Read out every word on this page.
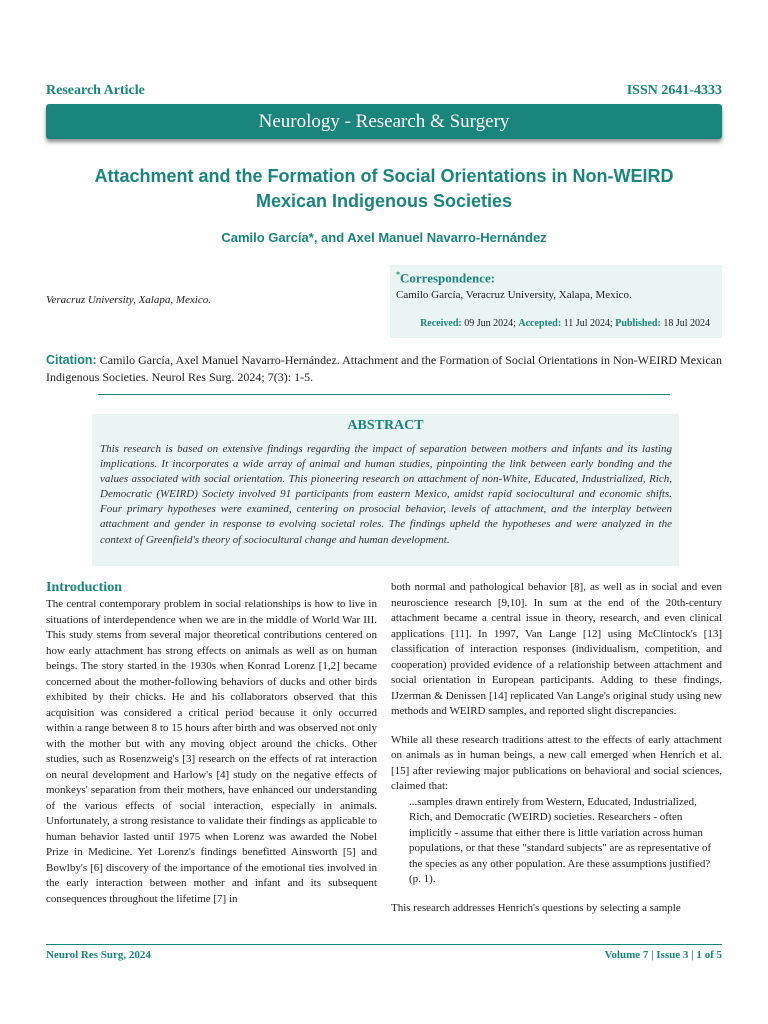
Research Article	ISSN 2641-4333
Neurology - Research & Surgery
Attachment and the Formation of Social Orientations in Non-WEIRD Mexican Indigenous Societies
Camilo García*, and Axel Manuel Navarro-Hernández
Veracruz University, Xalapa, Mexico.
*Correspondence:
Camilo García, Veracruz University, Xalapa, Mexico.
Received: 09 Jun 2024; Accepted: 11 Jul 2024; Published: 18 Jul 2024
Citation: Camilo García, Axel Manuel Navarro-Hernández. Attachment and the Formation of Social Orientations in Non-WEIRD Mexican Indigenous Societies. Neurol Res Surg. 2024; 7(3): 1-5.
ABSTRACT
This research is based on extensive findings regarding the impact of separation between mothers and infants and its lasting implications. It incorporates a wide array of animal and human studies, pinpointing the link between early bonding and the values associated with social orientation. This pioneering research on attachment of non-White, Educated, Industrialized, Rich, Democratic (WEIRD) Society involved 91 participants from eastern Mexico, amidst rapid sociocultural and economic shifts. Four primary hypotheses were examined, centering on prosocial behavior, levels of attachment, and the interplay between attachment and gender in response to evolving societal roles. The findings upheld the hypotheses and were analyzed in the context of Greenfield's theory of sociocultural change and human development.
Introduction

The central contemporary problem in social relationships is how to live in situations of interdependence when we are in the middle of World War III. This study stems from several major theoretical contributions centered on how early attachment has strong effects on animals as well as on human beings. The story started in the 1930s when Konrad Lorenz [1,2] became concerned about the mother-following behaviors of ducks and other birds exhibited by their chicks. He and his collaborators observed that this acquisition was considered a critical period because it only occurred within a range between 8 to 15 hours after birth and was observed not only with the mother but with any moving object around the chicks. Other studies, such as Rosenzweig's [3] research on the effects of rat interaction on neural development and Harlow's [4] study on the negative effects of monkeys' separation from their mothers, have enhanced our understanding of the various effects of social interaction, especially in animals. Unfortunately, a strong resistance to validate their findings as applicable to human behavior lasted until 1975 when Lorenz was awarded the Nobel Prize in Medicine. Yet Lorenz's findings benefitted Ainsworth [5] and Bowlby's [6] discovery of the importance of the emotional ties involved in the early interaction between mother and infant and its subsequent consequences throughout the lifetime [7] in

both normal and pathological behavior [8], as well as in social and even neuroscience research [9,10]. In sum at the end of the 20th-century attachment became a central issue in theory, research, and even clinical applications [11]. In 1997, Van Lange [12] using McClintock's [13] classification of interaction responses (individualism, competition, and cooperation) provided evidence of a relationship between attachment and social orientation in European participants. Adding to these findings, IJzerman & Denissen [14] replicated Van Lange's original study using new methods and WEIRD samples, and reported slight discrepancies.

While all these research traditions attest to the effects of early attachment on animals as in human beings, a new call emerged when Henrich et al. [15] after reviewing major publications on behavioral and social sciences, claimed that:

...samples drawn entirely from Western, Educated, Industrialized, Rich, and Democratic (WEIRD) societies. Researchers - often implicitly - assume that either there is little variation across human populations, or that these "standard subjects" are as representative of the species as any other population. Are these assumptions justified? (p. 1).

This research addresses Henrich's questions by selecting a sample

Neurol Res Surg, 2024	Volume 7 | Issue 3 | 1 of 5
